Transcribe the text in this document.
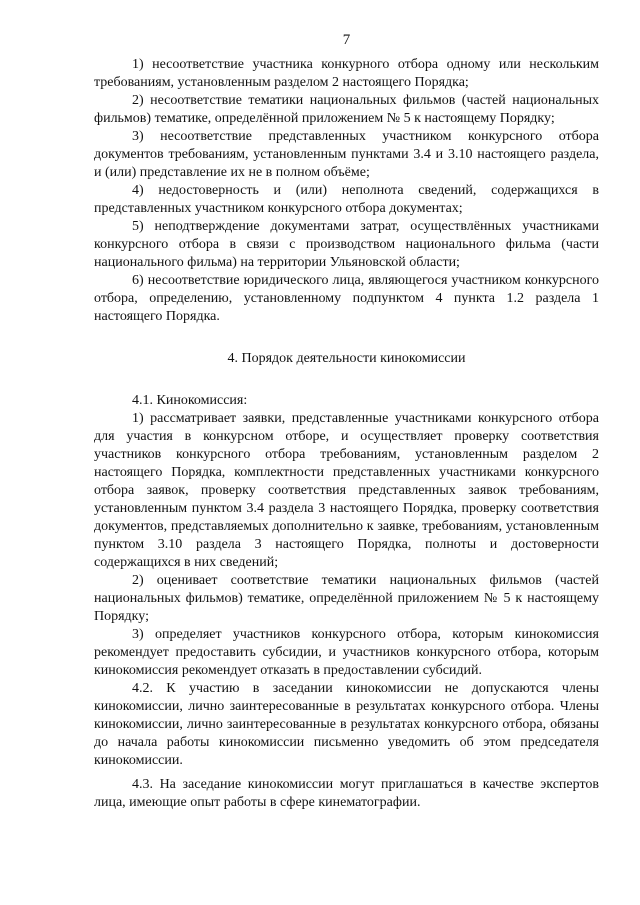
7

1) несоответствие участника конкурного отбора одному или нескольким требованиям, установленным разделом 2 настоящего Порядка;

2) несоответствие тематики национальных фильмов (частей национальных фильмов) тематике, определённой приложением № 5 к настоящему Порядку;

3) несоответствие представленных участником конкурсного отбора документов требованиям, установленным пунктами 3.4 и 3.10 настоящего раздела, и (или) представление их не в полном объёме;

4) недостоверность и (или) неполнота сведений, содержащихся в представленных участником конкурсного отбора документах;

5) неподтверждение документами затрат, осуществлённых участниками конкурсного отбора в связи с производством национального фильма (части национального фильма) на территории Ульяновской области;

6) несоответствие юридического лица, являющегося участником конкурсного отбора, определению, установленному подпунктом 4 пункта 1.2 раздела 1 настоящего Порядка.

4. Порядок деятельности кинокомиссии

4.1. Кинокомиссия:

1) рассматривает заявки, представленные участниками конкурсного отбора для участия в конкурсном отборе, и осуществляет проверку соответствия участников конкурсного отбора требованиям, установленным разделом 2 настоящего Порядка, комплектности представленных участниками конкурсного отбора заявок, проверку соответствия представленных заявок требованиям, установленным пунктом 3.4 раздела 3 настоящего Порядка, проверку соответствия документов, представляемых дополнительно к заявке, требованиям, установленным пунктом 3.10 раздела 3 настоящего Порядка, полноты и достоверности содержащихся в них сведений;

2) оценивает соответствие тематики национальных фильмов (частей национальных фильмов) тематике, определённой приложением № 5 к настоящему Порядку;

3) определяет участников конкурсного отбора, которым кинокомиссия рекомендует предоставить субсидии, и участников конкурсного отбора, которым кинокомиссия рекомендует отказать в предоставлении субсидий.

4.2. К участию в заседании кинокомиссии не допускаются члены кинокомиссии, лично заинтересованные в результатах конкурсного отбора. Члены кинокомиссии, лично заинтересованные в результатах конкурсного отбора, обязаны до начала работы кинокомиссии письменно уведомить об этом председателя кинокомиссии.

4.3. На заседание кинокомиссии могут приглашаться в качестве экспертов лица, имеющие опыт работы в сфере кинематографии.
